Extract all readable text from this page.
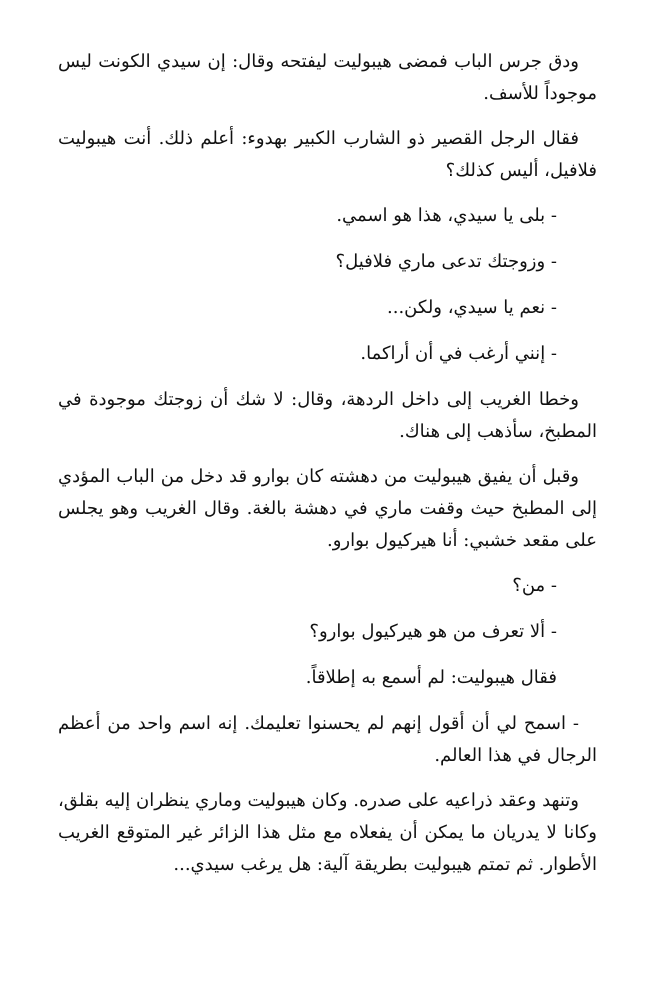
ودق جرس الباب فمضى هيبوليت ليفتحه وقال: إن سيدي الكونت ليس موجوداً للأسف.

فقال الرجل القصير ذو الشارب الكبير بهدوء: أعلم ذلك. أنت هيبوليت فلافيل، أليس كذلك؟

- بلى يا سيدي، هذا هو اسمي.

- وزوجتك تدعى ماري فلافيل؟

- نعم يا سيدي، ولكن...

- إنني أرغب في أن أراكما.

وخطا الغريب إلى داخل الردهة، وقال: لا شك أن زوجتك موجودة في المطبخ، سأذهب إلى هناك.

وقبل أن يفيق هيبوليت من دهشته كان بوارو قد دخل من الباب المؤدي إلى المطبخ حيث وقفت ماري في دهشة بالغة. وقال الغريب وهو يجلس على مقعد خشبي: أنا هيركيول بوارو.

- من؟

- ألا تعرف من هو هيركيول بوارو؟

فقال هيبوليت: لم أسمع به إطلاقاً.

- اسمح لي أن أقول إنهم لم يحسنوا تعليمك. إنه اسم واحد من أعظم الرجال في هذا العالم.

وتنهد وعقد ذراعيه على صدره. وكان هيبوليت وماري ينظران إليه بقلق، وكانا لا يدريان ما يمكن أن يفعلاه مع مثل هذا الزائر غير المتوقع الغريب الأطوار. ثم تمتم هيبوليت بطريقة آلية: هل يرغب سيدي...
